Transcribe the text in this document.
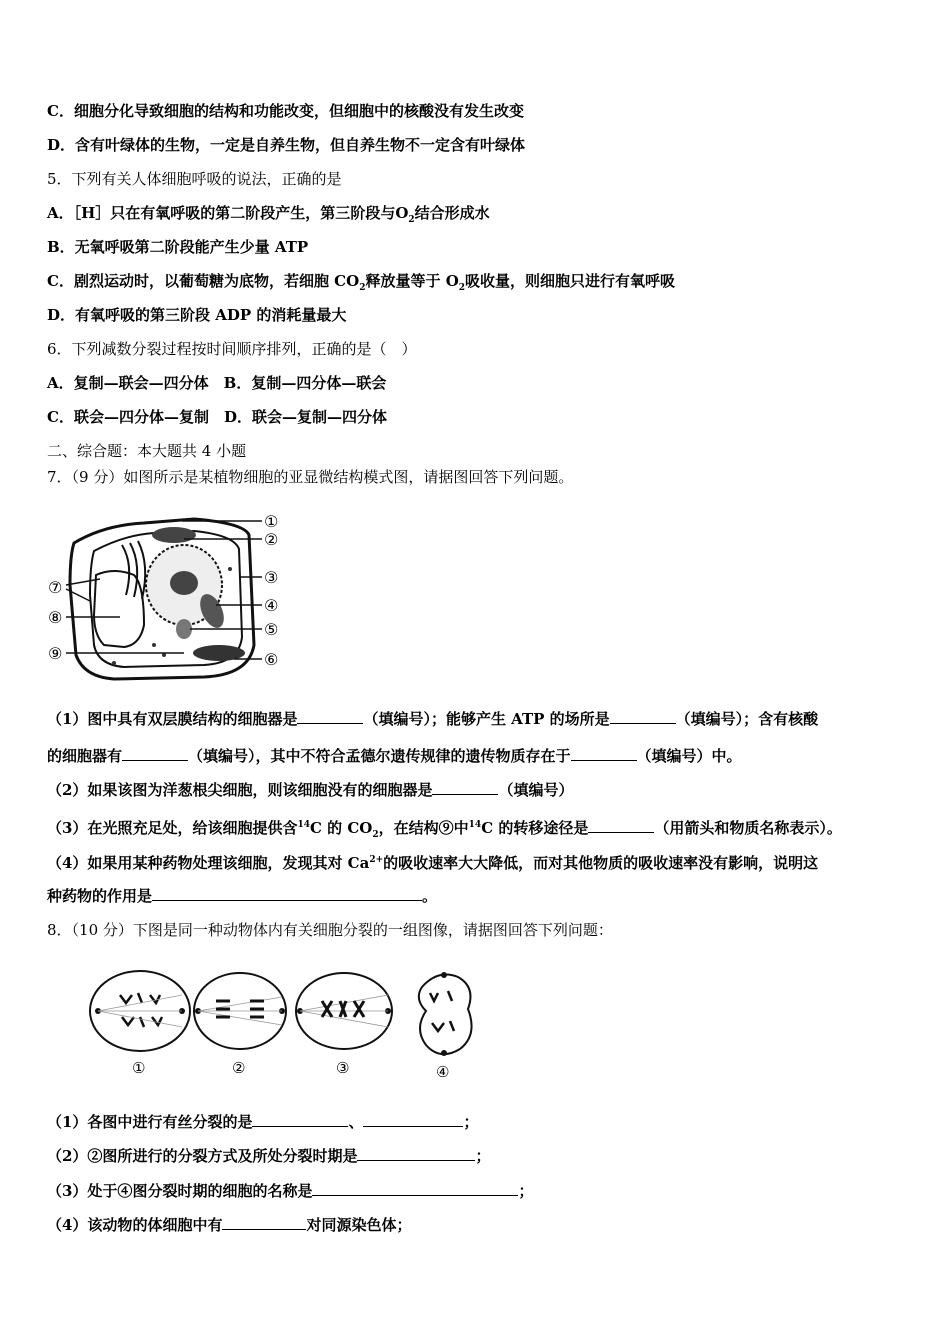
C．细胞分化导致细胞的结构和功能改变，但细胞中的核酸没有发生改变
D．含有叶绿体的生物，一定是自养生物，但自养生物不一定含有叶绿体
5．下列有关人体细胞呼吸的说法，正确的是
A．［H］只在有氧呼吸的第二阶段产生，第三阶段与$O_2$结合形成水
B．无氧呼吸第二阶段能产生少量 ATP
C．剧烈运动时，以葡萄糖为底物，若细胞 $CO_2$释放量等于 $O_2$吸收量，则细胞只进行有氧呼吸
D．有氧呼吸的第三阶段 ADP 的消耗量最大
6．下列减数分裂过程按时间顺序排列，正确的是（　）
A．复制—联会—四分体　B．复制—四分体—联会
C．联会—四分体—复制　D．联会—复制—四分体
二、综合题：本大题共 4 小题
7．（9 分）如图所示是某植物细胞的亚显微结构模式图，请据图回答下列问题。
①
②
③
④
⑤
⑥
⑦
⑧
⑨
（1）图中具有双层膜结构的细胞器是	（填编号）；能够产生 ATP 的场所是	（填编号）；含有核酸
的细胞器有	（填编号），其中不符合孟德尔遗传规律的遗传物质存在于	（填编号）中。
（2）如果该图为洋葱根尖细胞，则该细胞没有的细胞器是	（填编号）
（3）在光照充足处，给该细胞提供含$^{14}$C 的 $CO_2$，在结构⑨中$^{14}$C 的转移途径是	（用箭头和物质名称表示）。
（4）如果用某种药物处理该细胞，发现其对 $Ca^{2+}$的吸收速率大大降低，而对其他物质的吸收速率没有影响，说明这
种药物的作用是	。
8．（10 分）下图是同一种动物体内有关细胞分裂的一组图像，请据图回答下列问题：
①	②	③	④
（1）各图中进行有丝分裂的是	、	；
（2）②图所进行的分裂方式及所处分裂时期是	；
（3）处于④图分裂时期的细胞的名称是	；
（4）该动物的体细胞中有	对同源染色体；
